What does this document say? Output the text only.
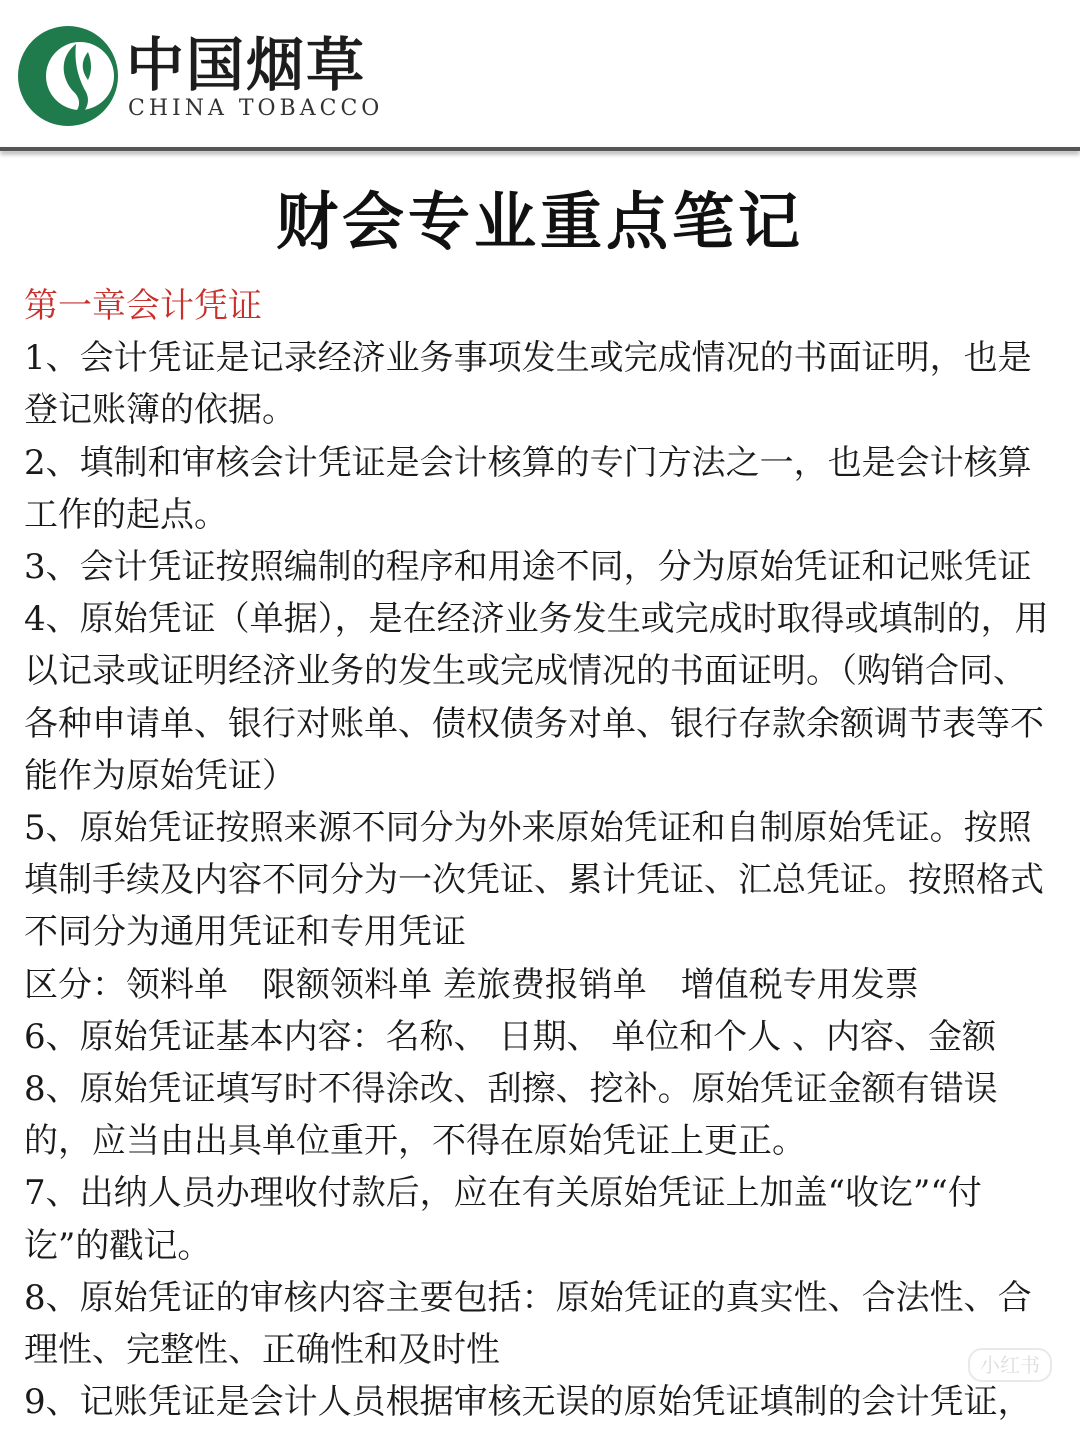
中国烟草
CHINA TOBACCO
财会专业重点笔记

第一章会计凭证

1、会计凭证是记录经济业务事项发生或完成情况的书面证明，也是登记账簿的依据。

2、填制和审核会计凭证是会计核算的专门方法之一，也是会计核算工作的起点。

3、会计凭证按照编制的程序和用途不同，分为原始凭证和记账凭证

4、原始凭证（单据），是在经济业务发生或完成时取得或填制的，用以记录或证明经济业务的发生或完成情况的书面证明。（购销合同、各种申请单、银行对账单、债权债务对单、银行存款余额调节表等不能作为原始凭证）

5、原始凭证按照来源不同分为外来原始凭证和自制原始凭证。按照填制手续及内容不同分为一次凭证、累计凭证、汇总凭证。按照格式不同分为通用凭证和专用凭证

区分：领料单　限额领料单 差旅费报销单　增值税专用发票

6、原始凭证基本内容：名称、 日期、 单位和个人 、内容、金额

8、原始凭证填写时不得涂改、刮擦、挖补。原始凭证金额有错误的，应当由出具单位重开，不得在原始凭证上更正。

7、出纳人员办理收付款后，应在有关原始凭证上加盖“收讫”“付讫”的戳记。

8、原始凭证的审核内容主要包括：原始凭证的真实性、合法性、合理性、完整性、正确性和及时性

9、记账凭证是会计人员根据审核无误的原始凭证填制的会计凭证，

小红书
